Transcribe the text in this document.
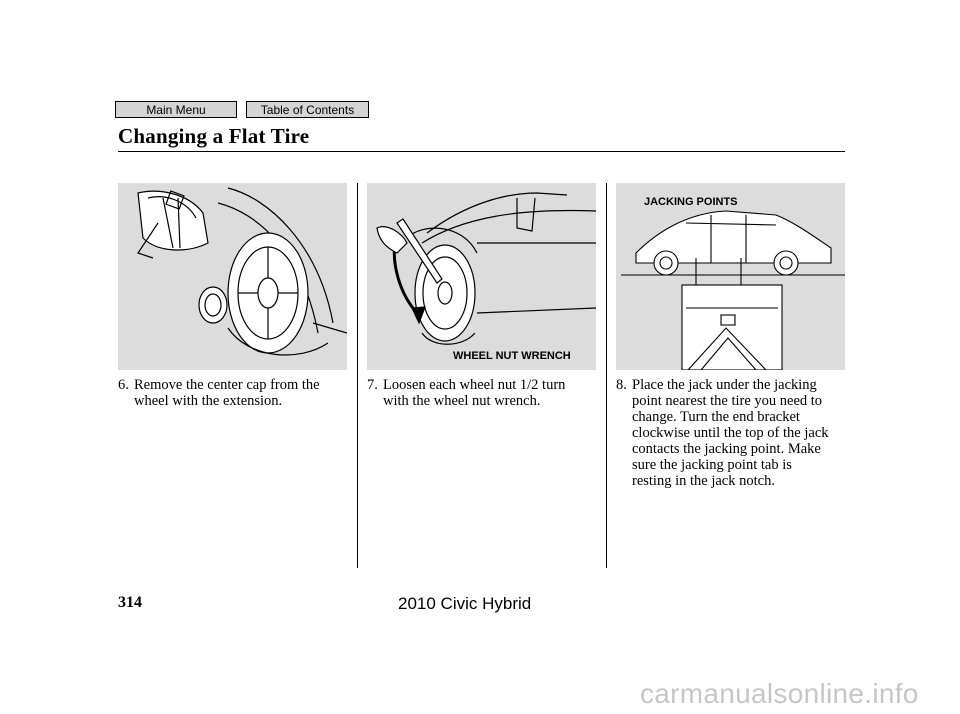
Main Menu	Table of Contents
Changing a Flat Tire
WHEEL NUT WRENCH
JACKING POINTS
6. Remove the center cap from the
wheel with the extension.
7. Loosen each wheel nut 1/2 turn
with the wheel nut wrench.
8. Place the jack under the jacking
point nearest the tire you need to
change. Turn the end bracket
clockwise until the top of the jack
contacts the jacking point. Make
sure the jacking point tab is
resting in the jack notch.
314	2010 Civic Hybrid
carmanualsonline.info
